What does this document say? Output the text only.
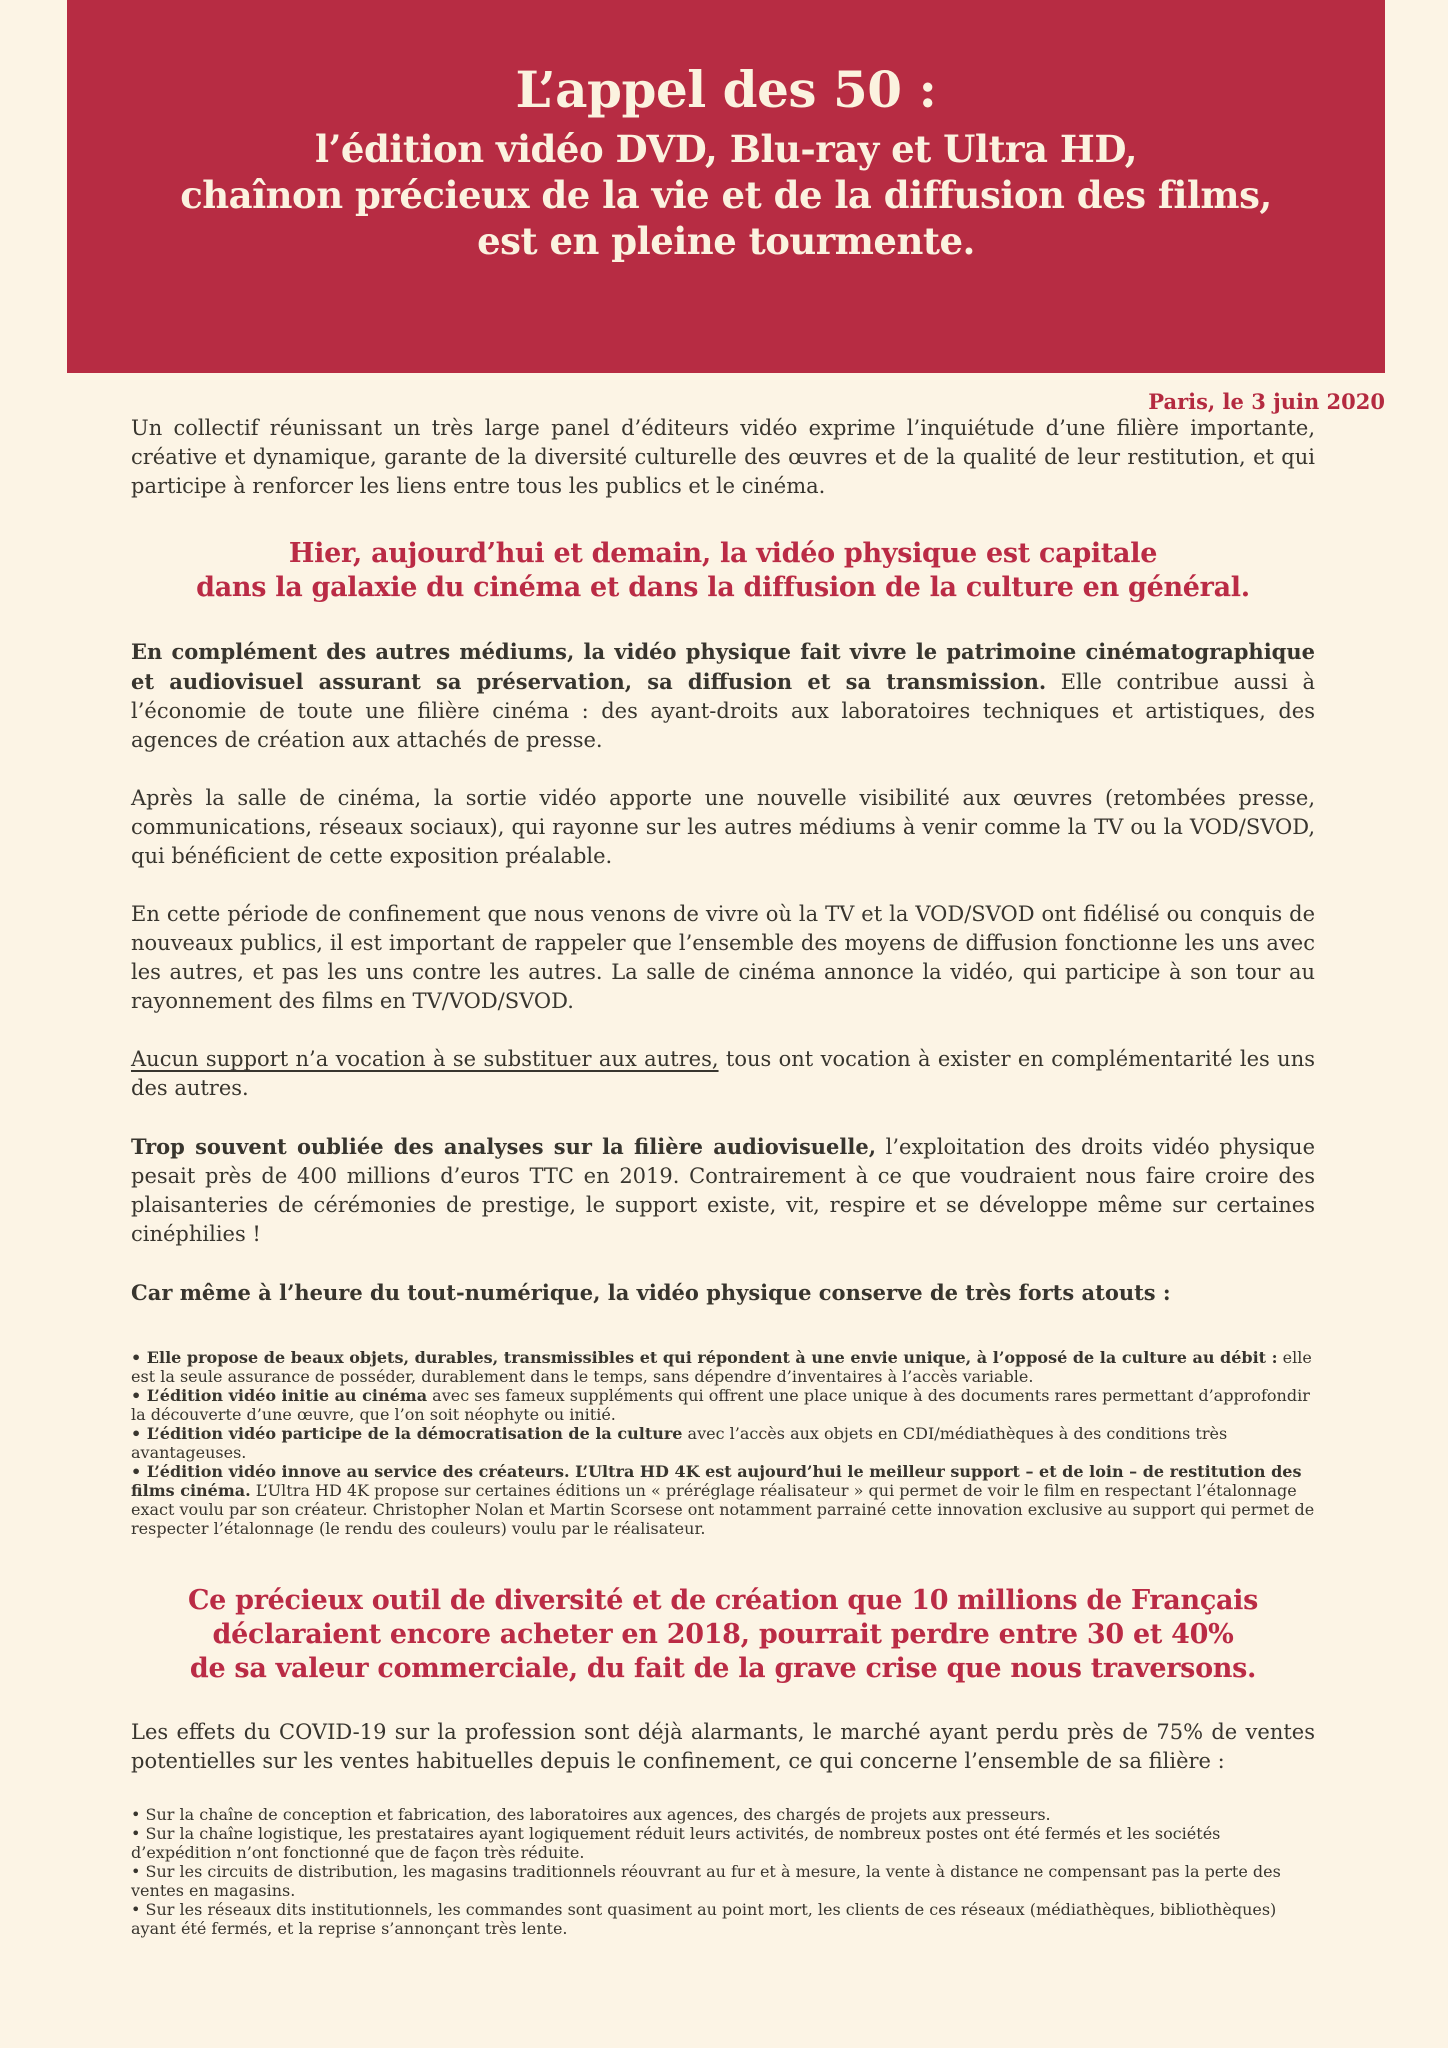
L’appel des 50 :
l’édition vidéo DVD, Blu-ray et Ultra HD,
chaînon précieux de la vie et de la diffusion des films,
est en pleine tourmente.
Paris, le 3 juin 2020

Un collectif réunissant un très large panel d’éditeurs vidéo exprime l’inquiétude d’une filière importante, créative et dynamique, garante de la diversité culturelle des œuvres et de la qualité de leur restitution, et qui participe à renforcer les liens entre tous les publics et le cinéma.

Hier, aujourd’hui et demain, la vidéo physique est capitale
dans la galaxie du cinéma et dans la diffusion de la culture en général.

En complément des autres médiums, la vidéo physique fait vivre le patrimoine cinématographique et audiovisuel assurant sa préservation, sa diffusion et sa transmission. Elle contribue aussi à l’économie de toute une filière cinéma : des ayant-droits aux laboratoires techniques et artistiques, des agences de création aux attachés de presse.

Après la salle de cinéma, la sortie vidéo apporte une nouvelle visibilité aux œuvres (retombées presse, communications, réseaux sociaux), qui rayonne sur les autres médiums à venir comme la TV ou la VOD/SVOD, qui bénéficient de cette exposition préalable.

En cette période de confinement que nous venons de vivre où la TV et la VOD/SVOD ont fidélisé ou conquis de nouveaux publics, il est important de rappeler que l’ensemble des moyens de diffusion fonctionne les uns avec les autres, et pas les uns contre les autres. La salle de cinéma annonce la vidéo, qui participe à son tour au rayonnement des films en TV/VOD/SVOD.

Aucun support n’a vocation à se substituer aux autres, tous ont vocation à exister en complémentarité les uns des autres.

Trop souvent oubliée des analyses sur la filière audiovisuelle, l’exploitation des droits vidéo physique pesait près de 400 millions d’euros TTC en 2019. Contrairement à ce que voudraient nous faire croire des plaisanteries de cérémonies de prestige, le support existe, vit, respire et se développe même sur certaines cinéphilies !

Car même à l’heure du tout-numérique, la vidéo physique conserve de très forts atouts :

• Elle propose de beaux objets, durables, transmissibles et qui répondent à une envie unique, à l’opposé de la culture au débit : elle est la seule assurance de posséder, durablement dans le temps, sans dépendre d’inventaires à l’accès variable.
• L’édition vidéo initie au cinéma avec ses fameux suppléments qui offrent une place unique à des documents rares permettant d’approfondir la découverte d’une œuvre, que l’on soit néophyte ou initié.
• L’édition vidéo participe de la démocratisation de la culture avec l’accès aux objets en CDI/médiathèques à des conditions très avantageuses.
• L’édition vidéo innove au service des créateurs. L’Ultra HD 4K est aujourd’hui le meilleur support – et de loin – de restitution des films cinéma. L’Ultra HD 4K propose sur certaines éditions un « préréglage réalisateur » qui permet de voir le film en respectant l’étalonnage exact voulu par son créateur. Christopher Nolan et Martin Scorsese ont notamment parrainé cette innovation exclusive au support qui permet de respecter l’étalonnage (le rendu des couleurs) voulu par le réalisateur.
Ce précieux outil de diversité et de création que 10 millions de Français
déclaraient encore acheter en 2018, pourrait perdre entre 30 et 40%
de sa valeur commerciale, du fait de la grave crise que nous traversons.
Les effets du COVID-19 sur la profession sont déjà alarmants, le marché ayant perdu près de 75% de ventes potentielles sur les ventes habituelles depuis le confinement, ce qui concerne l’ensemble de sa filière :
• Sur la chaîne de conception et fabrication, des laboratoires aux agences, des chargés de projets aux presseurs.
• Sur la chaîne logistique, les prestataires ayant logiquement réduit leurs activités, de nombreux postes ont été fermés et les sociétés d’expédition n’ont fonctionné que de façon très réduite.
• Sur les circuits de distribution, les magasins traditionnels réouvrant au fur et à mesure, la vente à distance ne compensant pas la perte des ventes en magasins.
• Sur les réseaux dits institutionnels, les commandes sont quasiment au point mort, les clients de ces réseaux (médiathèques, bibliothèques) ayant été fermés, et la reprise s’annonçant très lente.
